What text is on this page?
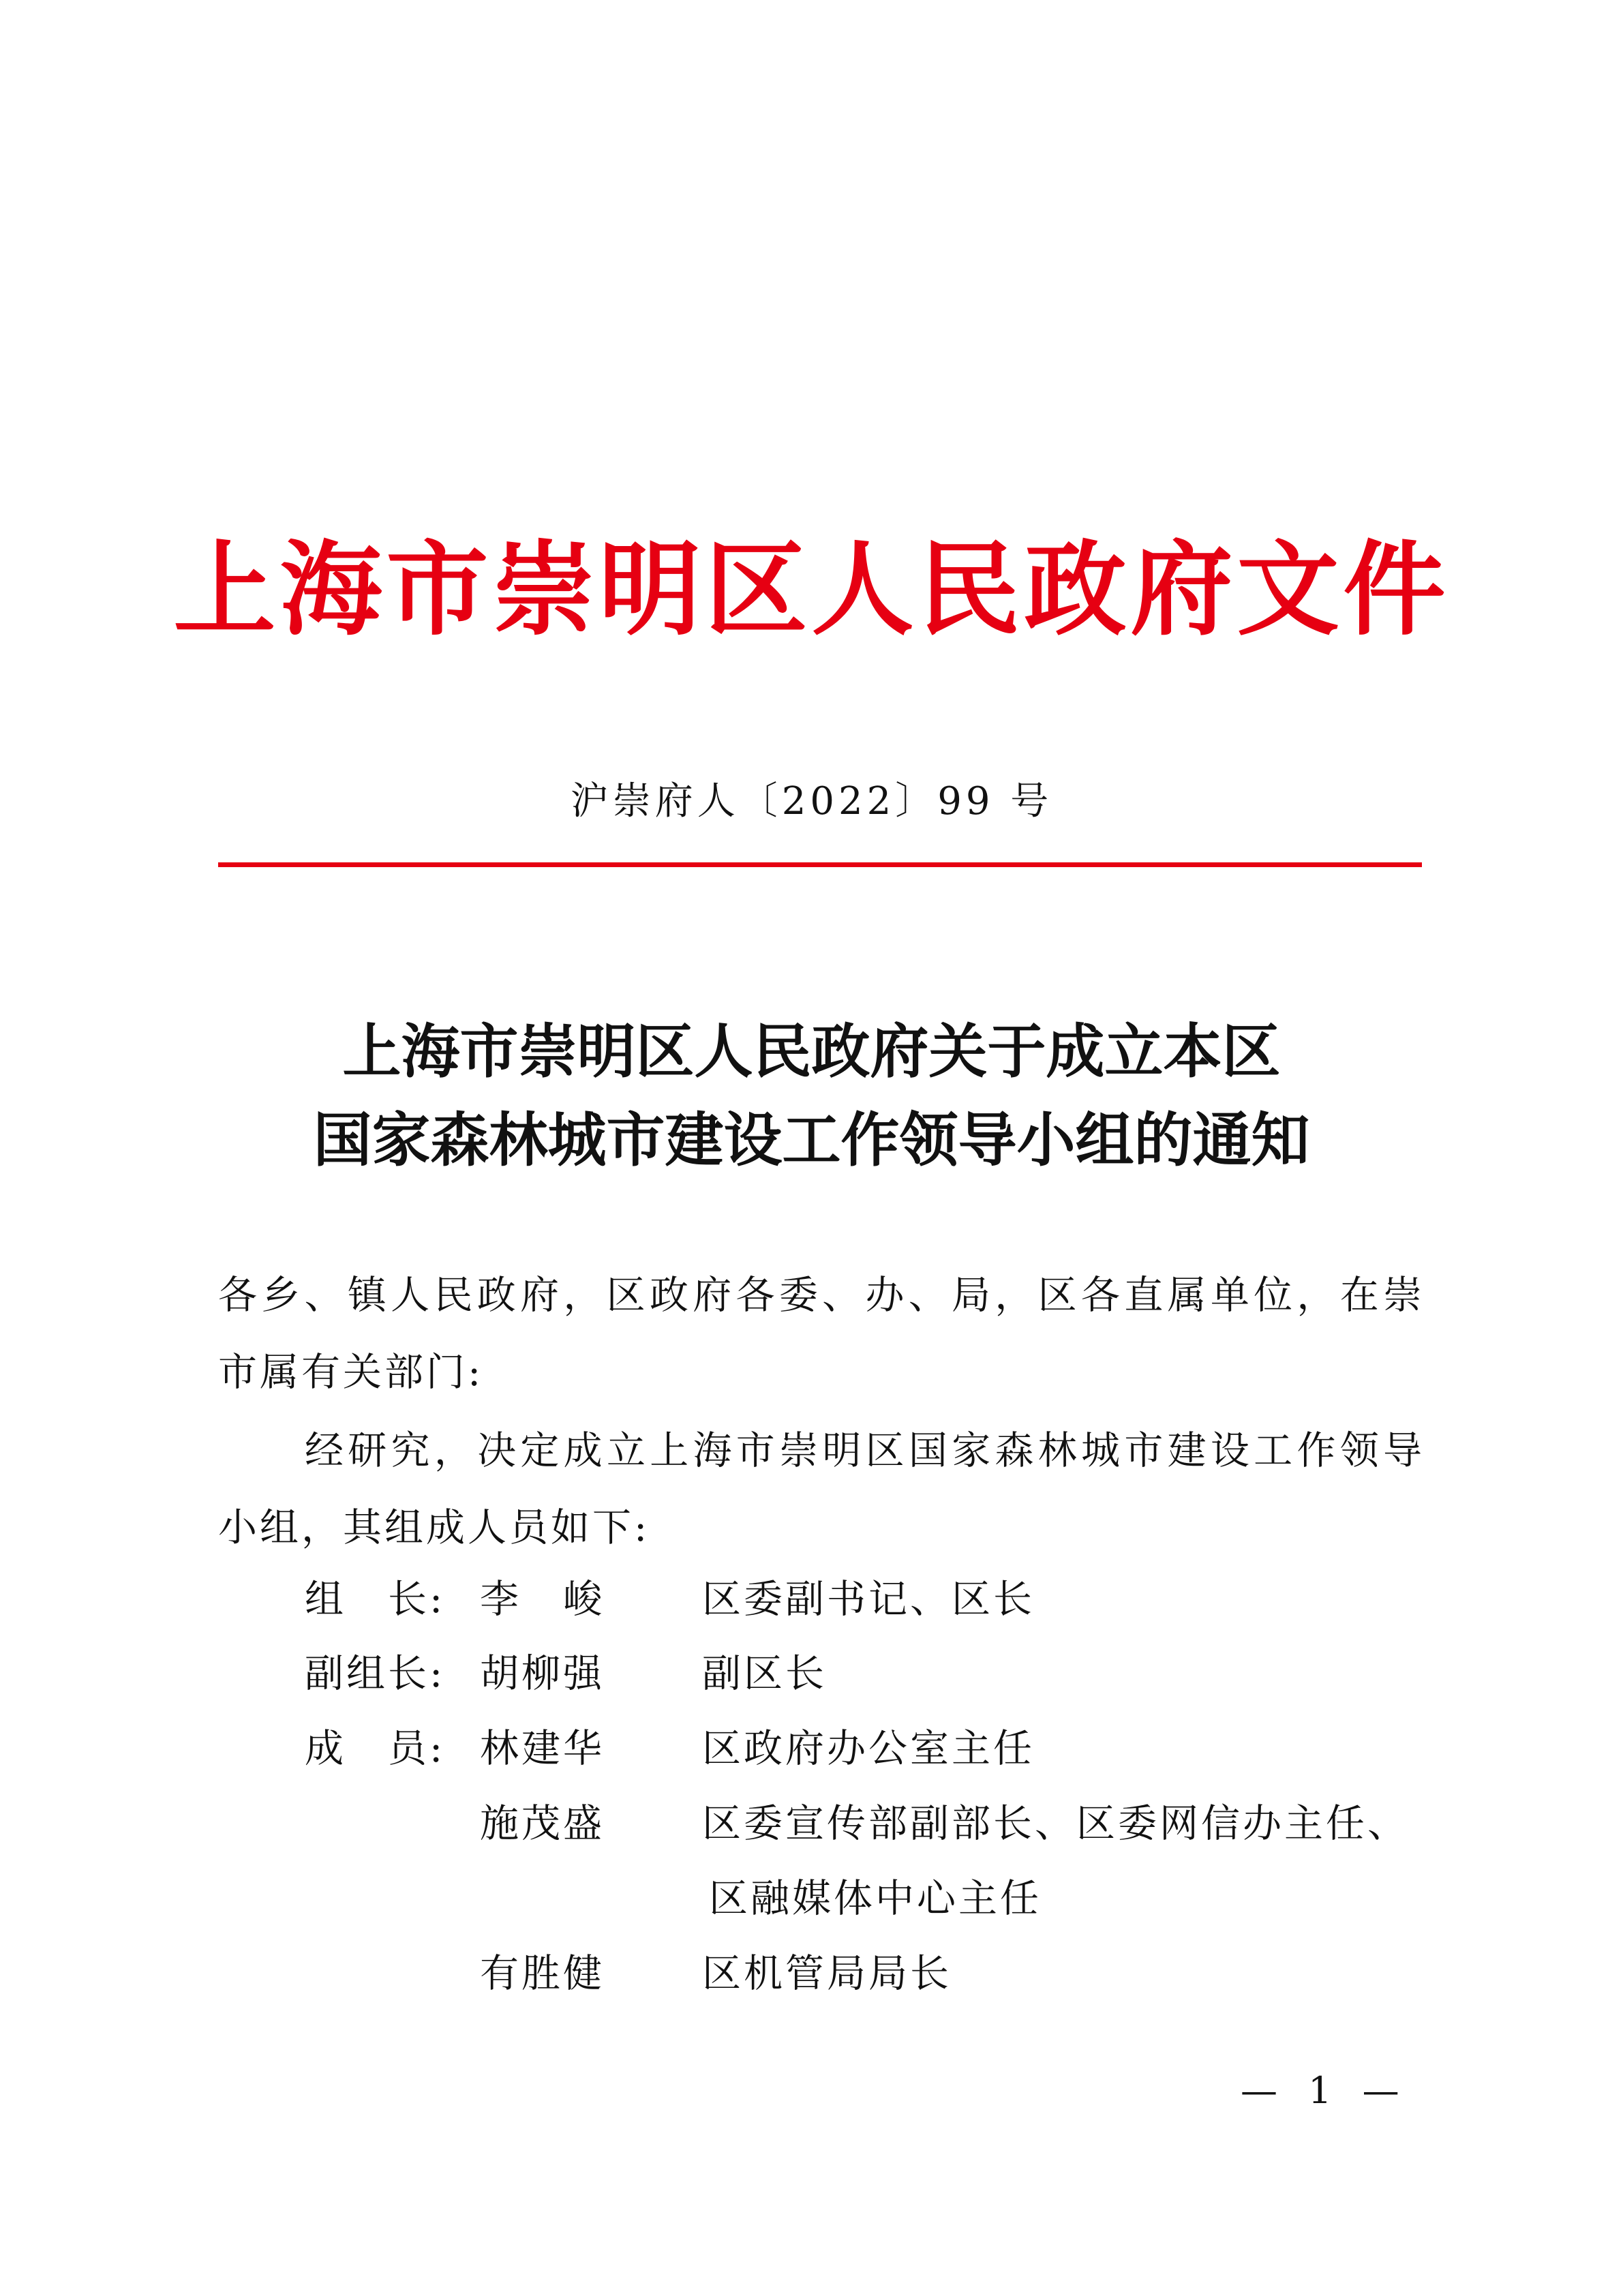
上海市崇明区人民政府文件
沪崇府人〔2022〕99 号
上海市崇明区人民政府关于成立本区
国家森林城市建设工作领导小组的通知
各乡、镇人民政府，区政府各委、办、局，区各直属单位，在崇
市属有关部门:
经研究，决定成立上海市崇明区国家森林城市建设工作领导
小组，其组成人员如下:
组　长: 李　峻	区委副书记、区长
副组长: 胡柳强	副区长
成　员: 林建华	区政府办公室主任
施茂盛	区委宣传部副部长、区委网信办主任、
区融媒体中心主任
有胜健	区机管局局长
— 1 —
